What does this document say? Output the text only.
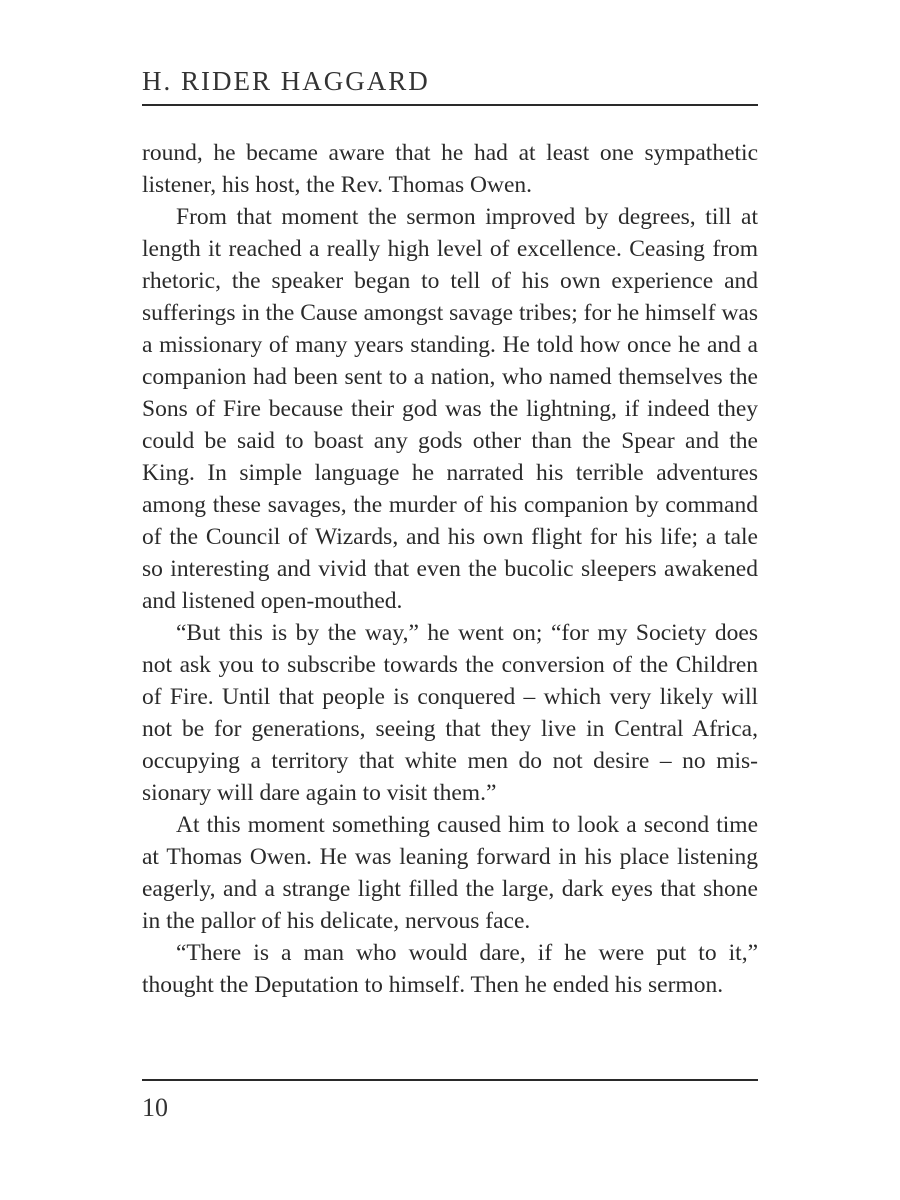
H. RIDER HAGGARD

round, he became aware that he had at least one sympathetic listener, his host, the Rev. Thomas Owen.

From that moment the sermon improved by degrees, till at length it reached a really high level of excellence. Ceasing from rhetoric, the speaker began to tell of his own experience and sufferings in the Cause amongst savage tribes; for he himself was a missionary of many years standing. He told how once he and a companion had been sent to a nation, who named themselves the Sons of Fire because their god was the lightning, if indeed they could be said to boast any gods other than the Spear and the King. In simple language he narrated his terrible adventures among these savages, the murder of his companion by command of the Council of Wizards, and his own flight for his life; a tale so interesting and vivid that even the bucolic sleepers awakened and listened open-mouthed.

“But this is by the way,” he went on; “for my Society does not ask you to subscribe towards the conversion of the Children of Fire. Until that people is conquered – which very likely will not be for generations, seeing that they live in Central Africa, occupying a territory that white men do not desire – no missionary will dare again to visit them.”

At this moment something caused him to look a second time at Thomas Owen. He was leaning forward in his place listening eagerly, and a strange light filled the large, dark eyes that shone in the pallor of his delicate, nervous face.

“There is a man who would dare, if he were put to it,” thought the Deputation to himself. Then he ended his sermon.

10
